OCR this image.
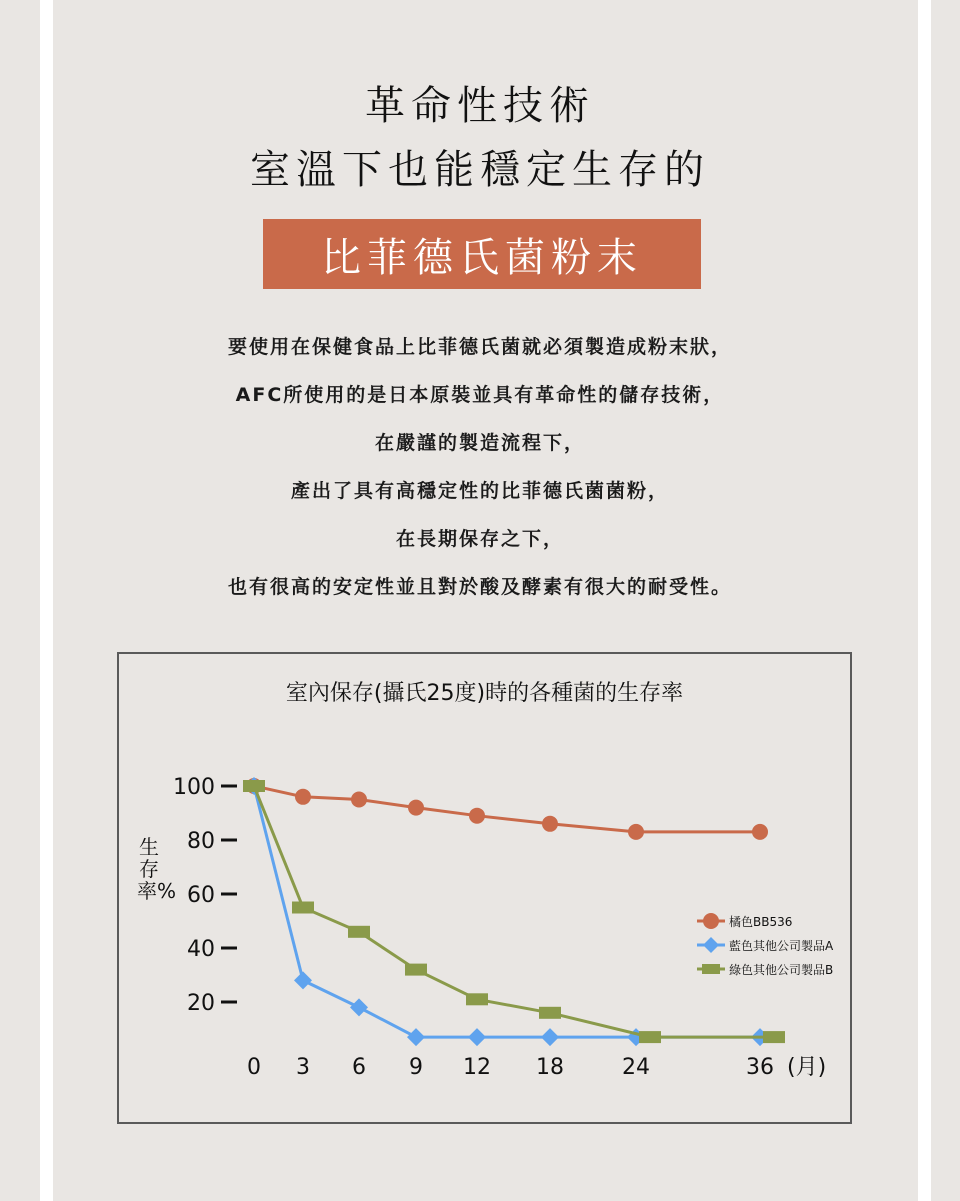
革命性技術
室溫下也能穩定生存的
比菲德氏菌粉末
要使用在保健食品上比菲德氏菌就必須製造成粉末狀，
AFC所使用的是日本原裝並具有革命性的儲存技術，
在嚴謹的製造流程下，
產出了具有高穩定性的比菲德氏菌菌粉，
在長期保存之下，
也有很高的安定性並且對於酸及酵素有很大的耐受性。
室內保存(攝氏25度)時的各種菌的生存率
生存率%
20
40
60
80
100
0 3 6 9 12 18	24	36 (月)
橘色BB536
藍色其他公司製品A
綠色其他公司製品B
